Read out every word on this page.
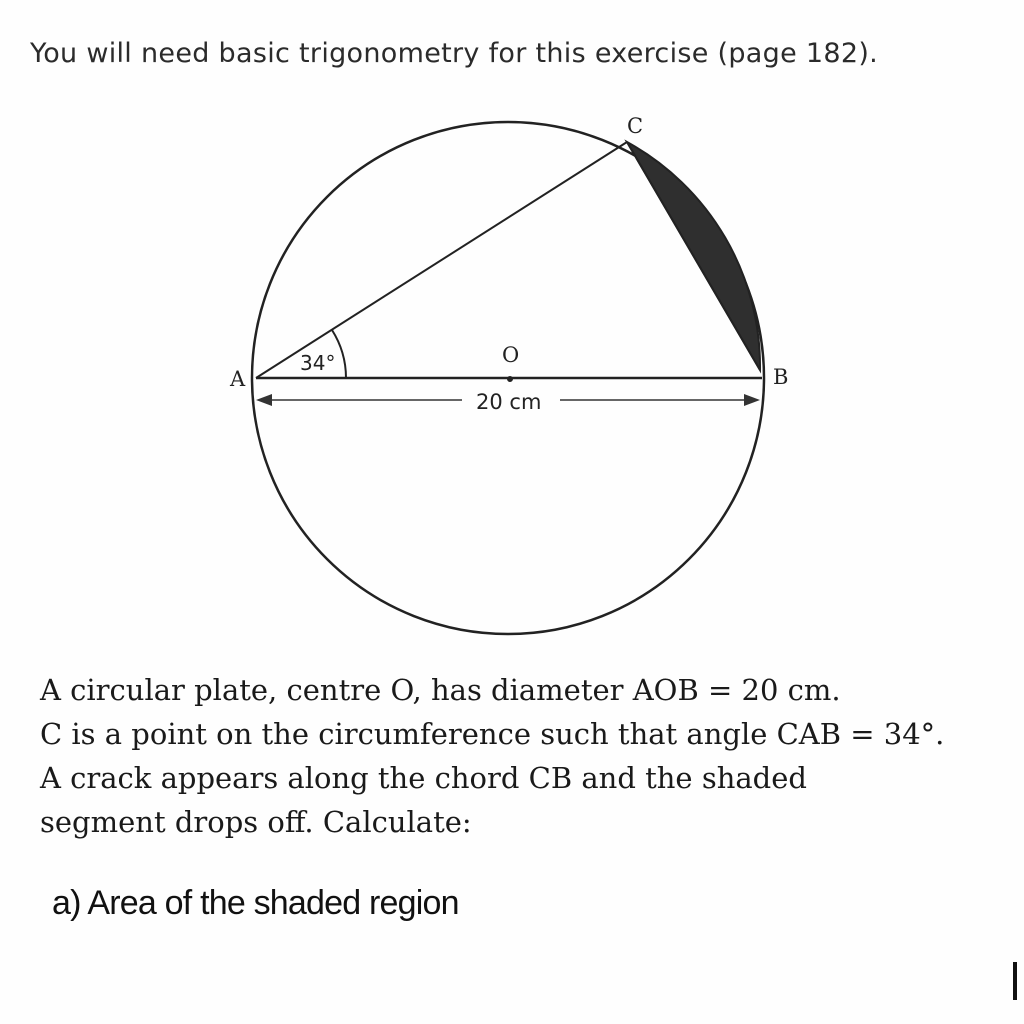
You will need basic trigonometry for this exercise (page 182).
A	B
C
O
34°
20 cm
A circular plate, centre O, has diameter AOB = 20 cm.
C is a point on the circumference such that angle CAB = 34°.
A crack appears along the chord CB and the shaded
segment drops off. Calculate:
a) Area of the shaded region
